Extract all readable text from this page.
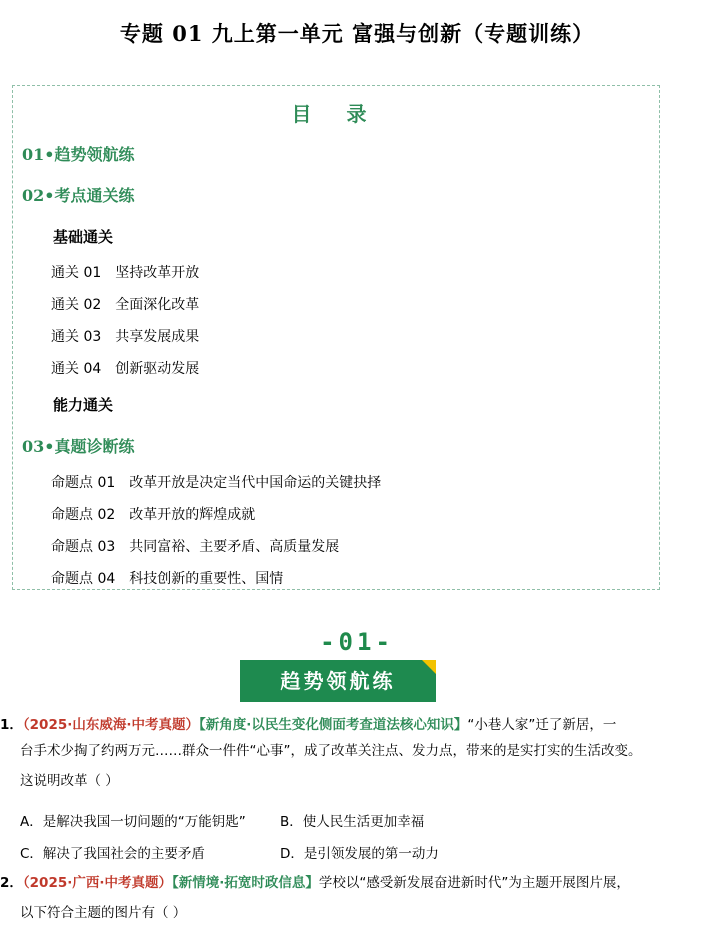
专题 01 九上第一单元 富强与创新（专题训练）
目 录
01•趋势领航练
02•考点通关练
基础通关
通关 01 坚持改革开放
通关 02 全面深化改革
通关 03 共享发展成果
通关 04 创新驱动发展
能力通关
03•真题诊断练
命题点 01 改革开放是决定当代中国命运的关键抉择
命题点 02 改革开放的辉煌成就
命题点 03 共同富裕、主要矛盾、高质量发展
命题点 04 科技创新的重要性、国情
-01-
趋势领航练
1．（2025·山东威海·中考真题）【新角度·以民生变化侧面考查道法核心知识】“小巷人家”迁了新居，一
台手术少掏了约两万元……群众一件件“心事”，成了改革关注点、发力点，带来的是实打实的生活改变。
这说明改革（ ）
A．是解决我国一切问题的“万能钥匙”	B．使人民生活更加幸福
C．解决了我国社会的主要矛盾	D．是引领发展的第一动力
2．（2025·广西·中考真题）【新情境·拓宽时政信息】学校以“感受新发展奋进新时代”为主题开展图片展，
以下符合主题的图片有（ ）
